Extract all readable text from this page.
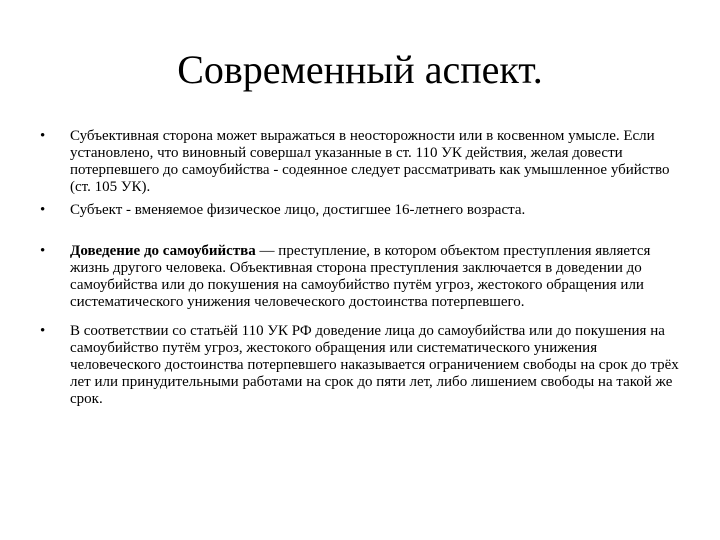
Современный аспект.
•	Субъективная сторона может выражаться в неосторожности или в косвенном умысле. Если установлено, что виновный совершал указанные в ст. 110 УК действия, желая довести потерпевшего до самоубийства - содеянное следует рассматривать как умышленное убийство (ст. 105 УК).
•	Субъект - вменяемое физическое лицо, достигшее 16-летнего возраста.
•	Доведение до самоубийства — преступление, в котором объектом преступления является жизнь другого человека. Объективная сторона преступления заключается в доведении до самоубийства или до покушения на самоубийство путём угроз, жестокого обращения или систематического унижения человеческого достоинства потерпевшего.
•	В соответствии со статьёй 110 УК РФ доведение лица до самоубийства или до покушения на самоубийство путём угроз, жестокого обращения или систематического унижения человеческого достоинства потерпевшего наказывается ограничением свободы на срок до трёх лет или принудительными работами на срок до пяти лет, либо лишением свободы на такой же срок.
